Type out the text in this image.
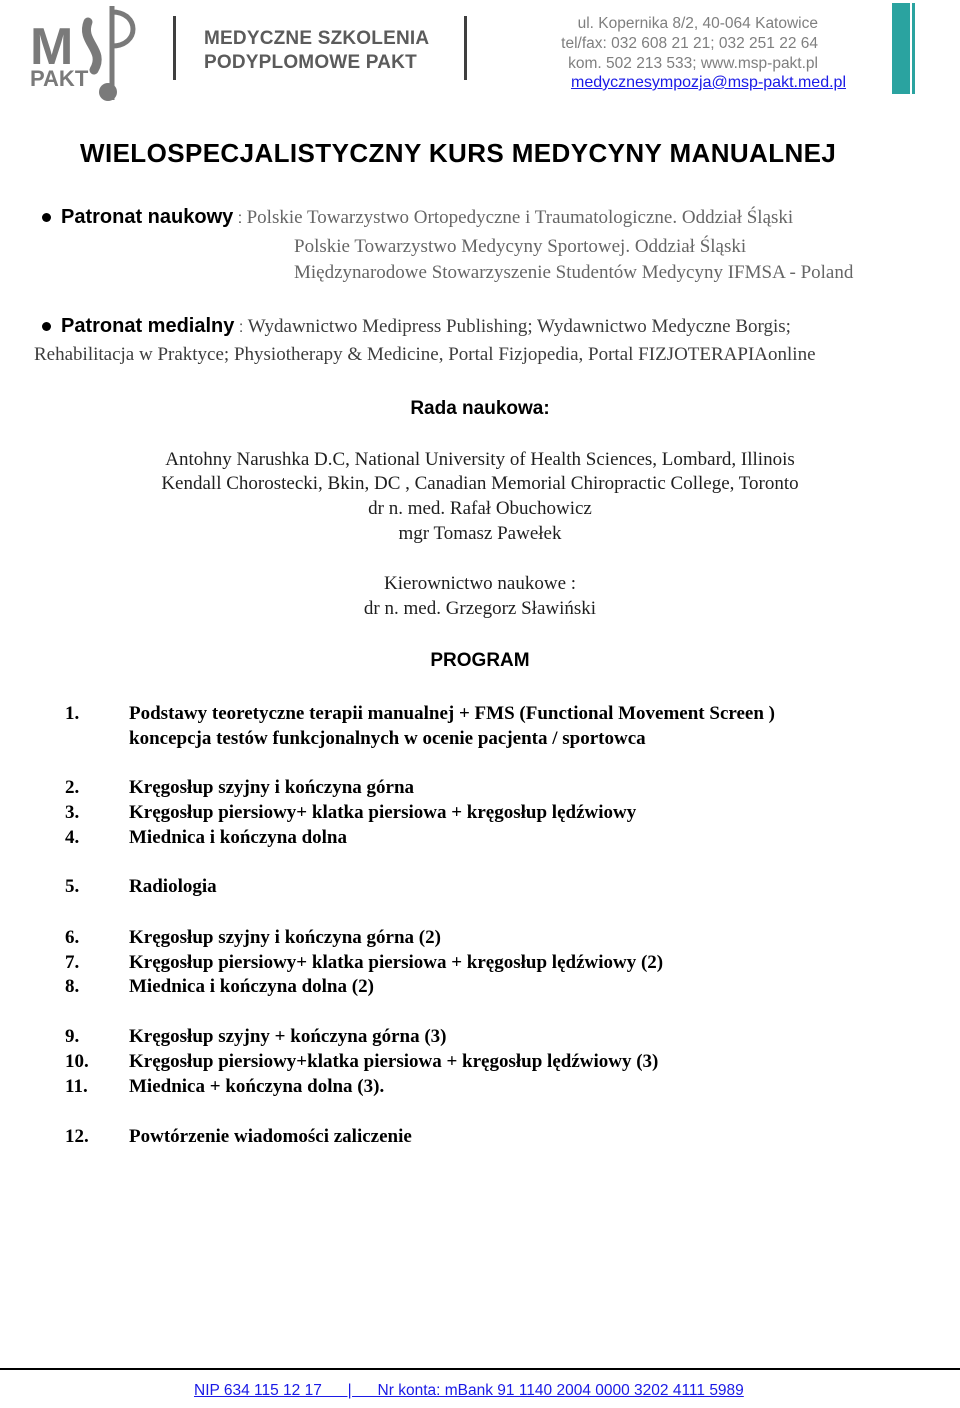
M
PAKT
MEDYCZNE SZKOLENIA
PODYPLOMOWE PAKT
ul. Kopernika 8/2, 40-064 Katowice
tel/fax: 032 608 21 21; 032 251 22 64
kom. 502 213 533; www.msp-pakt.pl
medycznesympozja@msp-pakt.med.pl
WIELOSPECJALISTYCZNY KURS MEDYCYNY MANUALNEJ
Patronat naukowy : Polskie Towarzystwo Ortopedyczne i Traumatologiczne. Oddział Śląski
Polskie Towarzystwo Medycyny Sportowej. Oddział Śląski
Międzynarodowe Stowarzyszenie Studentów Medycyny IFMSA - Poland
Patronat medialny : Wydawnictwo Medipress Publishing; Wydawnictwo Medyczne Borgis;
Rehabilitacja w Praktyce; Physiotherapy & Medicine, Portal Fizjopedia, Portal FIZJOTERAPIAonline
Rada naukowa:
Antohny Narushka D.C, National University of Health Sciences, Lombard, Illinois
Kendall Chorostecki, Bkin, DC , Canadian Memorial Chiropractic College, Toronto
dr n. med. Rafał Obuchowicz
mgr Tomasz Pawełek
Kierownictwo naukowe :
dr n. med. Grzegorz Sławiński
PROGRAM
1.	Podstawy teoretyczne terapii manualnej + FMS (Functional Movement Screen )
koncepcja testów funkcjonalnych w ocenie pacjenta / sportowca
2.	Kręgosłup szyjny i kończyna górna
3.	Kręgosłup piersiowy+ klatka piersiowa + kręgosłup lędźwiowy
4.	Miednica i kończyna dolna
5.	Radiologia
6.	Kręgosłup szyjny i kończyna górna (2)
7.	Kręgosłup piersiowy+ klatka piersiowa + kręgosłup lędźwiowy (2)
8.	Miednica i kończyna dolna (2)
9.	Kręgosłup szyjny + kończyna górna (3)
10. Kręgosłup piersiowy+klatka piersiowa + kręgosłup lędźwiowy (3)
11. Miednica + kończyna dolna (3).
12. Powtórzenie wiadomości zaliczenie
NIP 634 115 12 17      |      Nr konta: mBank 91 1140 2004 0000 3202 4111 5989
